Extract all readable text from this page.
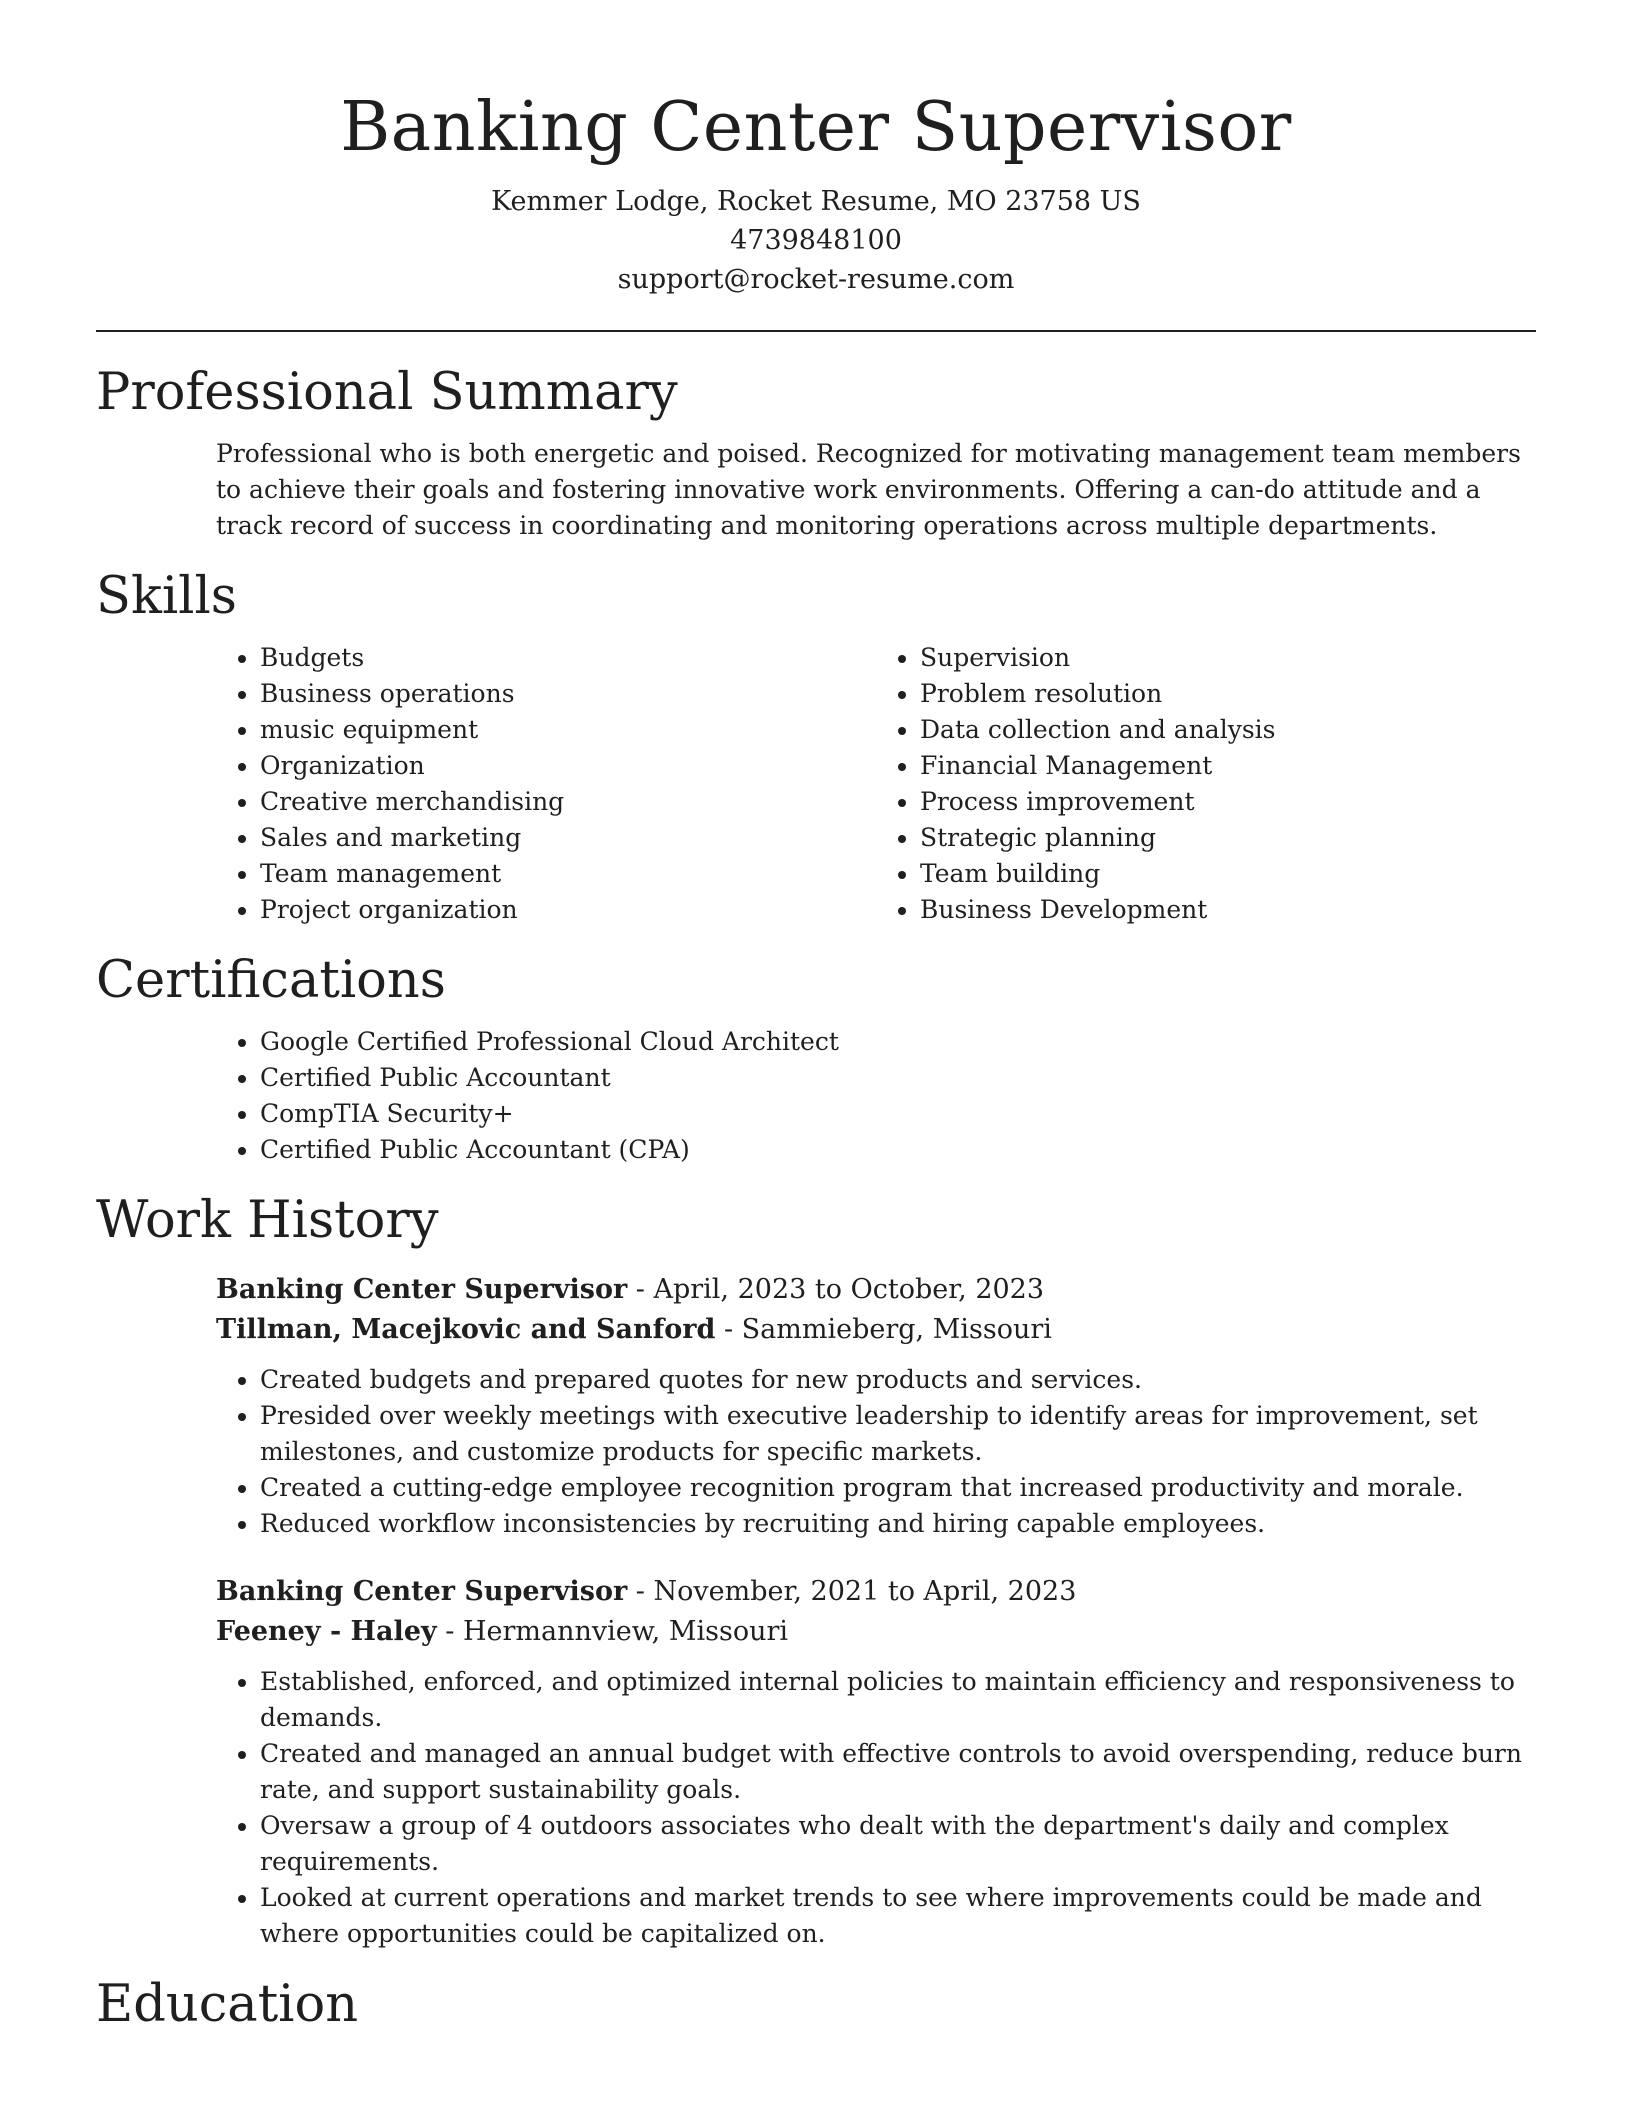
Banking Center Supervisor
Kemmer Lodge, Rocket Resume, MO 23758 US
4739848100
support@rocket-resume.com
Professional Summary

Professional who is both energetic and poised. Recognized for motivating management team members to achieve their goals and fostering innovative work environments. Offering a can-do attitude and a track record of success in coordinating and monitoring operations across multiple departments.

Skills
• Budgets
• Business operations
• music equipment
• Organization
• Creative merchandising
• Sales and marketing
• Team management
• Project organization
• Supervision
• Problem resolution
• Data collection and analysis
• Financial Management
• Process improvement
• Strategic planning
• Team building
• Business Development
Certifications
• Google Certified Professional Cloud Architect
• Certified Public Accountant
• CompTIA Security+
• Certified Public Accountant (CPA)
Work History
Banking Center Supervisor - April, 2023 to October, 2023
Tillman, Macejkovic and Sanford - Sammieberg, Missouri
• Created budgets and prepared quotes for new products and services.
• Presided over weekly meetings with executive leadership to identify areas for improvement, set milestones, and customize products for specific markets.
• Created a cutting-edge employee recognition program that increased productivity and morale.
• Reduced workflow inconsistencies by recruiting and hiring capable employees.
Banking Center Supervisor - November, 2021 to April, 2023
Feeney - Haley - Hermannview, Missouri
• Established, enforced, and optimized internal policies to maintain efficiency and responsiveness to demands.
• Created and managed an annual budget with effective controls to avoid overspending, reduce burn rate, and support sustainability goals.
• Oversaw a group of 4 outdoors associates who dealt with the department's daily and complex requirements.
• Looked at current operations and market trends to see where improvements could be made and where opportunities could be capitalized on.
Education
